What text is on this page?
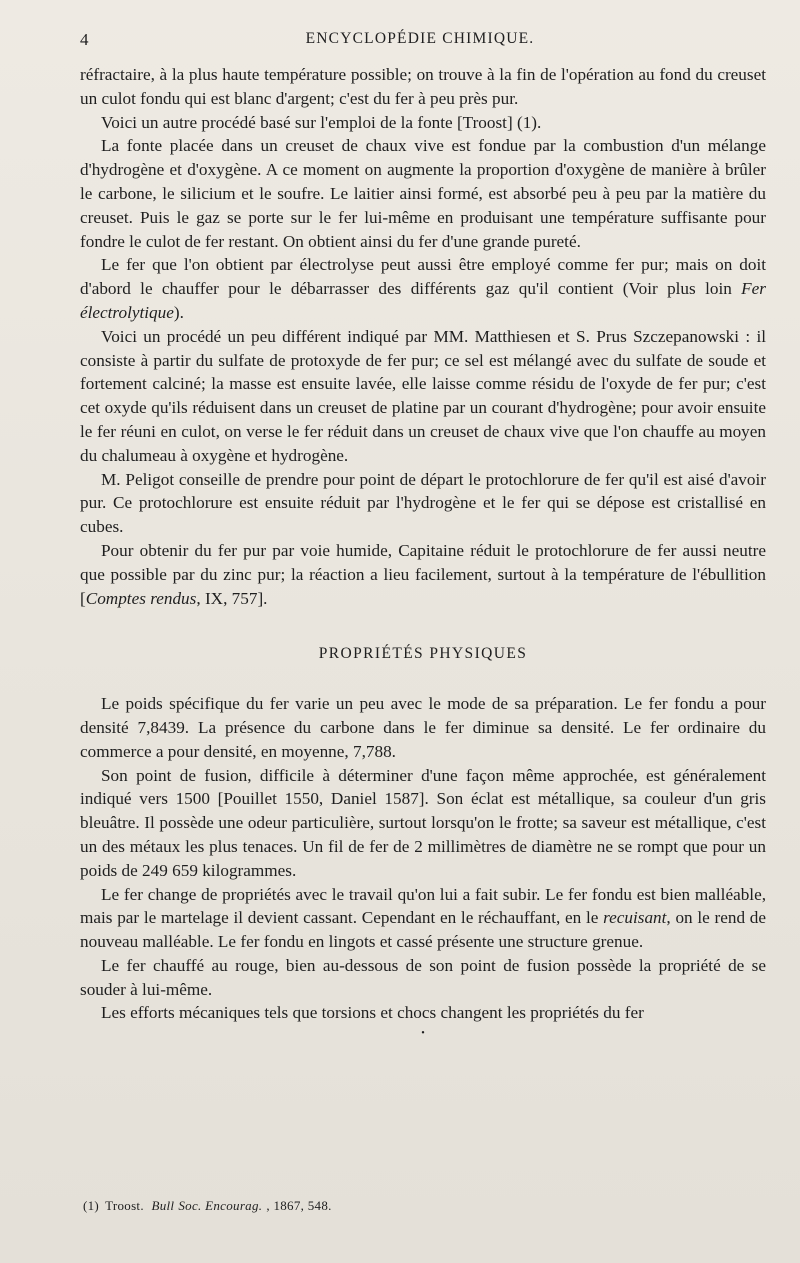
4	ENCYCLOPÉDIE CHIMIQUE.

réfractaire, à la plus haute température possible; on trouve à la fin de l'opération au fond du creuset un culot fondu qui est blanc d'argent; c'est du fer à peu près pur.

Voici un autre procédé basé sur l'emploi de la fonte [Troost] (1).

La fonte placée dans un creuset de chaux vive est fondue par la combustion d'un mélange d'hydrogène et d'oxygène. A ce moment on augmente la proportion d'oxygène de manière à brûler le carbone, le silicium et le soufre. Le laitier ainsi formé, est absorbé peu à peu par la matière du creuset. Puis le gaz se porte sur le fer lui-même en produisant une température suffisante pour fondre le culot de fer restant. On obtient ainsi du fer d'une grande pureté.

Le fer que l'on obtient par électrolyse peut aussi être employé comme fer pur; mais on doit d'abord le chauffer pour le débarrasser des différents gaz qu'il contient (Voir plus loin Fer électrolytique).

Voici un procédé un peu différent indiqué par MM. Matthiesen et S. Prus Szczepanowski : il consiste à partir du sulfate de protoxyde de fer pur; ce sel est mélangé avec du sulfate de soude et fortement calciné; la masse est ensuite lavée, elle laisse comme résidu de l'oxyde de fer pur; c'est cet oxyde qu'ils réduisent dans un creuset de platine par un courant d'hydrogène; pour avoir ensuite le fer réuni en culot, on verse le fer réduit dans un creuset de chaux vive que l'on chauffe au moyen du chalumeau à oxygène et hydrogène.

M. Peligot conseille de prendre pour point de départ le protochlorure de fer qu'il est aisé d'avoir pur. Ce protochlorure est ensuite réduit par l'hydrogène et le fer qui se dépose est cristallisé en cubes.

Pour obtenir du fer pur par voie humide, Capitaine réduit le protochlorure de fer aussi neutre que possible par du zinc pur; la réaction a lieu facilement, surtout à la température de l'ébullition [Comptes rendus, IX, 757].

PROPRIÉTÉS PHYSIQUES

Le poids spécifique du fer varie un peu avec le mode de sa préparation. Le fer fondu a pour densité 7,8439. La présence du carbone dans le fer diminue sa densité. Le fer ordinaire du commerce a pour densité, en moyenne, 7,788.

Son point de fusion, difficile à déterminer d'une façon même approchée, est généralement indiqué vers 1500 [Pouillet 1550, Daniel 1587]. Son éclat est métallique, sa couleur d'un gris bleuâtre. Il possède une odeur particulière, surtout lorsqu'on le frotte; sa saveur est métallique, c'est un des métaux les plus tenaces. Un fil de fer de 2 millimètres de diamètre ne se rompt que pour un poids de 249 659 kilogrammes.

Le fer change de propriétés avec le travail qu'on lui a fait subir. Le fer fondu est bien malléable, mais par le martelage il devient cassant. Cependant en le réchauffant, en le recuisant, on le rend de nouveau malléable. Le fer fondu en lingots et cassé présente une structure grenue.

Le fer chauffé au rouge, bien au-dessous de son point de fusion possède la propriété de se souder à lui-même.

Les efforts mécaniques tels que torsions et chocs changent les propriétés du fer

•
(1) Troost. Bull Soc. Encourag. , 1867, 548.
